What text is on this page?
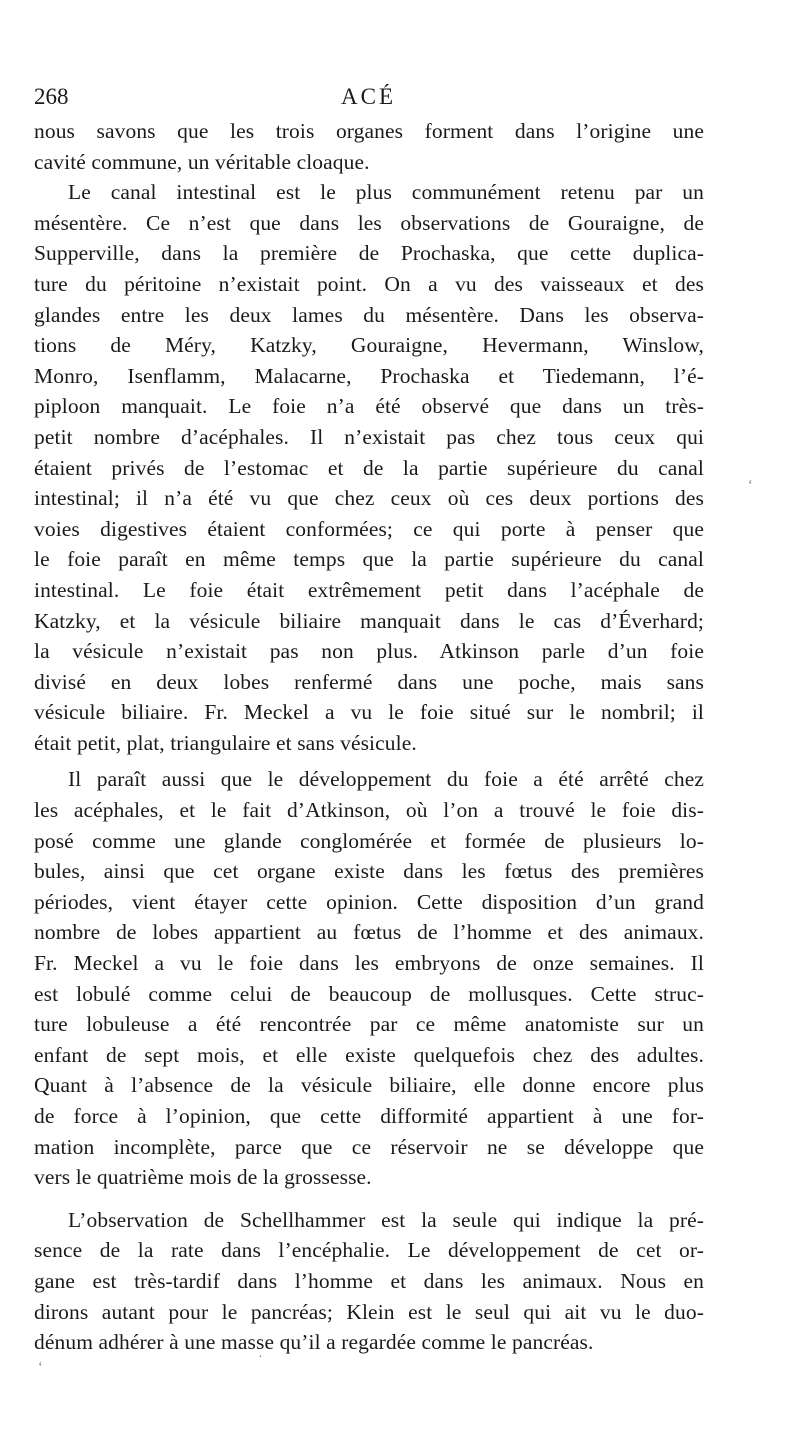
268	ACÉ
nous savons que les trois organes forment dans l’origine une
cavité commune, un véritable cloaque.
Le canal intestinal est le plus communément retenu par un
mésentère. Ce n’est que dans les observations de Gouraigne, de
Supperville, dans la première de Prochaska, que cette duplica-
ture du péritoine n’existait point. On a vu des vaisseaux et des
glandes entre les deux lames du mésentère. Dans les observa-
tions de Méry, Katzky, Gouraigne, Hevermann, Winslow,
Monro, Isenflamm, Malacarne, Prochaska et Tiedemann, l’é-
piploon manquait. Le foie n’a été observé que dans un très-
petit nombre d’acéphales. Il n’existait pas chez tous ceux qui
étaient privés de l’estomac et de la partie supérieure du canal
intestinal; il n’a été vu que chez ceux où ces deux portions des
voies digestives étaient conformées; ce qui porte à penser que
le foie paraît en même temps que la partie supérieure du canal
intestinal. Le foie était extrêmement petit dans l’acéphale de
Katzky, et la vésicule biliaire manquait dans le cas d’Éverhard;
la vésicule n’existait pas non plus. Atkinson parle d’un foie
divisé en deux lobes renfermé dans une poche, mais sans
vésicule biliaire. Fr. Meckel a vu le foie situé sur le nombril; il
était petit, plat, triangulaire et sans vésicule.
Il paraît aussi que le développement du foie a été arrêté chez
les acéphales, et le fait d’Atkinson, où l’on a trouvé le foie dis-
posé comme une glande conglomérée et formée de plusieurs lo-
bules, ainsi que cet organe existe dans les fœtus des premières
périodes, vient étayer cette opinion. Cette disposition d’un grand
nombre de lobes appartient au fœtus de l’homme et des animaux.
Fr. Meckel a vu le foie dans les embryons de onze semaines. Il
est lobulé comme celui de beaucoup de mollusques. Cette struc-
ture lobuleuse a été rencontrée par ce même anatomiste sur un
enfant de sept mois, et elle existe quelquefois chez des adultes.
Quant à l’absence de la vésicule biliaire, elle donne encore plus
de force à l’opinion, que cette difformité appartient à une for-
mation incomplète, parce que ce réservoir ne se développe que
vers le quatrième mois de la grossesse.
L’observation de Schellhammer est la seule qui indique la pré-
sence de la rate dans l’encéphalie. Le développement de cet or-
gane est très-tardif dans l’homme et dans les animaux. Nous en
dirons autant pour le pancréas; Klein est le seul qui ait vu le duo-
dénum adhérer à une masse qu’il a regardée comme le pancréas.
ʻ
ʻ
·
